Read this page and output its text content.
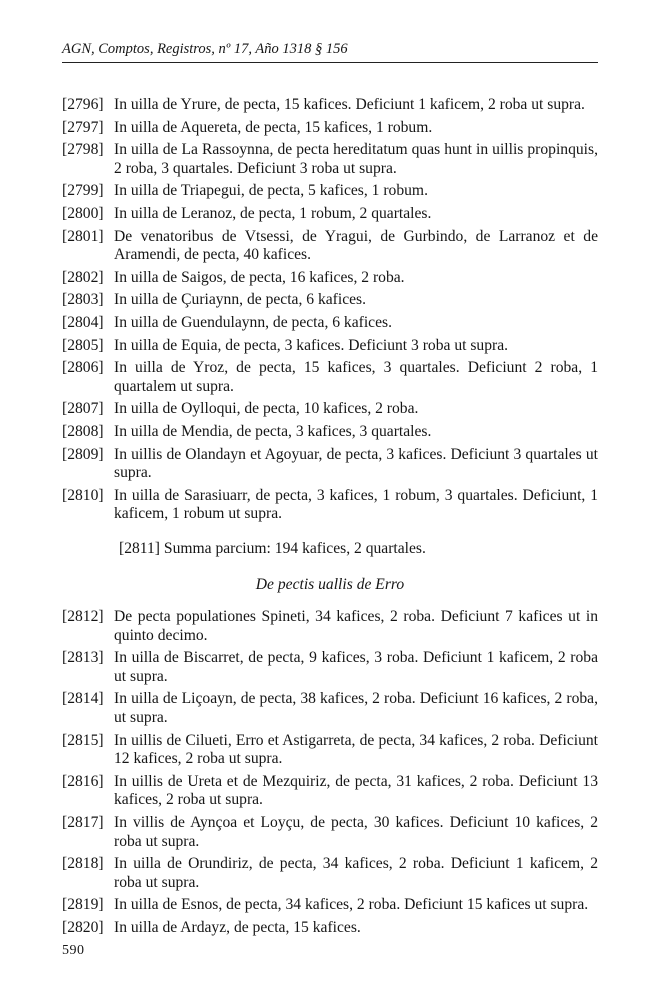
AGN, Comptos, Registros, nº 17, Año 1318 § 156
[2796] In uilla de Yrure, de pecta, 15 kafices. Deficiunt 1 kaficem, 2 roba ut supra.
[2797] In uilla de Aquereta, de pecta, 15 kafices, 1 robum.
[2798] In uilla de La Rassoynna, de pecta hereditatum quas hunt in uillis propinquis, 2 roba, 3 quartales. Deficiunt 3 roba ut supra.
[2799] In uilla de Triapegui, de pecta, 5 kafices, 1 robum.
[2800] In uilla de Leranoz, de pecta, 1 robum, 2 quartales.
[2801] De venatoribus de Vtsessi, de Yragui, de Gurbindo, de Larranoz et de Aramendi, de pecta, 40 kafices.
[2802] In uilla de Saigos, de pecta, 16 kafices, 2 roba.
[2803] In uilla de Çuriaynn, de pecta, 6 kafices.
[2804] In uilla de Guendulaynn, de pecta, 6 kafices.
[2805] In uilla de Equia, de pecta, 3 kafices. Deficiunt 3 roba ut supra.
[2806] In uilla de Yroz, de pecta, 15 kafices, 3 quartales. Deficiunt 2 roba, 1 quartalem ut supra.
[2807] In uilla de Oylloqui, de pecta, 10 kafices, 2 roba.
[2808] In uilla de Mendia, de pecta, 3 kafices, 3 quartales.
[2809] In uillis de Olandayn et Agoyuar, de pecta, 3 kafices. Deficiunt 3 quartales ut supra.
[2810] In uilla de Sarasiuarr, de pecta, 3 kafices, 1 robum, 3 quartales. Deficiunt, 1 kaficem, 1 robum ut supra.
[2811] Summa parcium: 194 kafices, 2 quartales.
De pectis uallis de Erro
[2812] De pecta populationes Spineti, 34 kafices, 2 roba. Deficiunt 7 kafices ut in quinto decimo.
[2813] In uilla de Biscarret, de pecta, 9 kafices, 3 roba. Deficiunt 1 kaficem, 2 roba ut supra.
[2814] In uilla de Liçoayn, de pecta, 38 kafices, 2 roba. Deficiunt 16 kafices, 2 roba, ut supra.
[2815] In uillis de Cilueti, Erro et Astigarreta, de pecta, 34 kafices, 2 roba. Deficiunt 12 kafices, 2 roba ut supra.
[2816] In uillis de Ureta et de Mezquiriz, de pecta, 31 kafices, 2 roba. Deficiunt 13 kafices, 2 roba ut supra.
[2817] In villis de Aynçoa et Loyçu, de pecta, 30 kafices. Deficiunt 10 kafices, 2 roba ut supra.
[2818] In uilla de Orundiriz, de pecta, 34 kafices, 2 roba. Deficiunt 1 kaficem, 2 roba ut supra.
[2819] In uilla de Esnos, de pecta, 34 kafices, 2 roba. Deficiunt 15 kafices ut supra.
[2820] In uilla de Ardayz, de pecta, 15 kafices.
590
